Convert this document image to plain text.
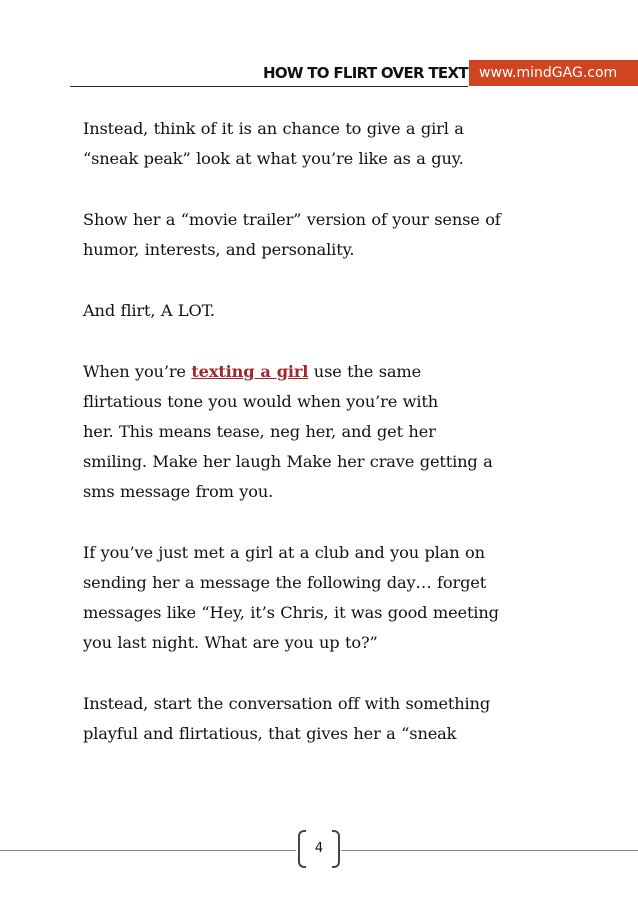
HOW TO FLIRT OVER TEXT www.mindGAG.com

Instead, think of it is an chance to give a girl a
“sneak peak” look at what you’re like as a guy.

Show her a “movie trailer” version of your sense of
humor, interests, and personality.

And flirt, A LOT.

When you’re texting a girl use the same
flirtatious tone you would when you’re with
her. This means tease, neg her, and get her
smiling. Make her laugh Make her crave getting a
sms message from you.

If you’ve just met a girl at a club and you plan on
sending her a message the following day… forget
messages like “Hey, it’s Chris, it was good meeting
you last night. What are you up to?”

Instead, start the conversation off with something
playful and flirtatious, that gives her a “sneak

4
